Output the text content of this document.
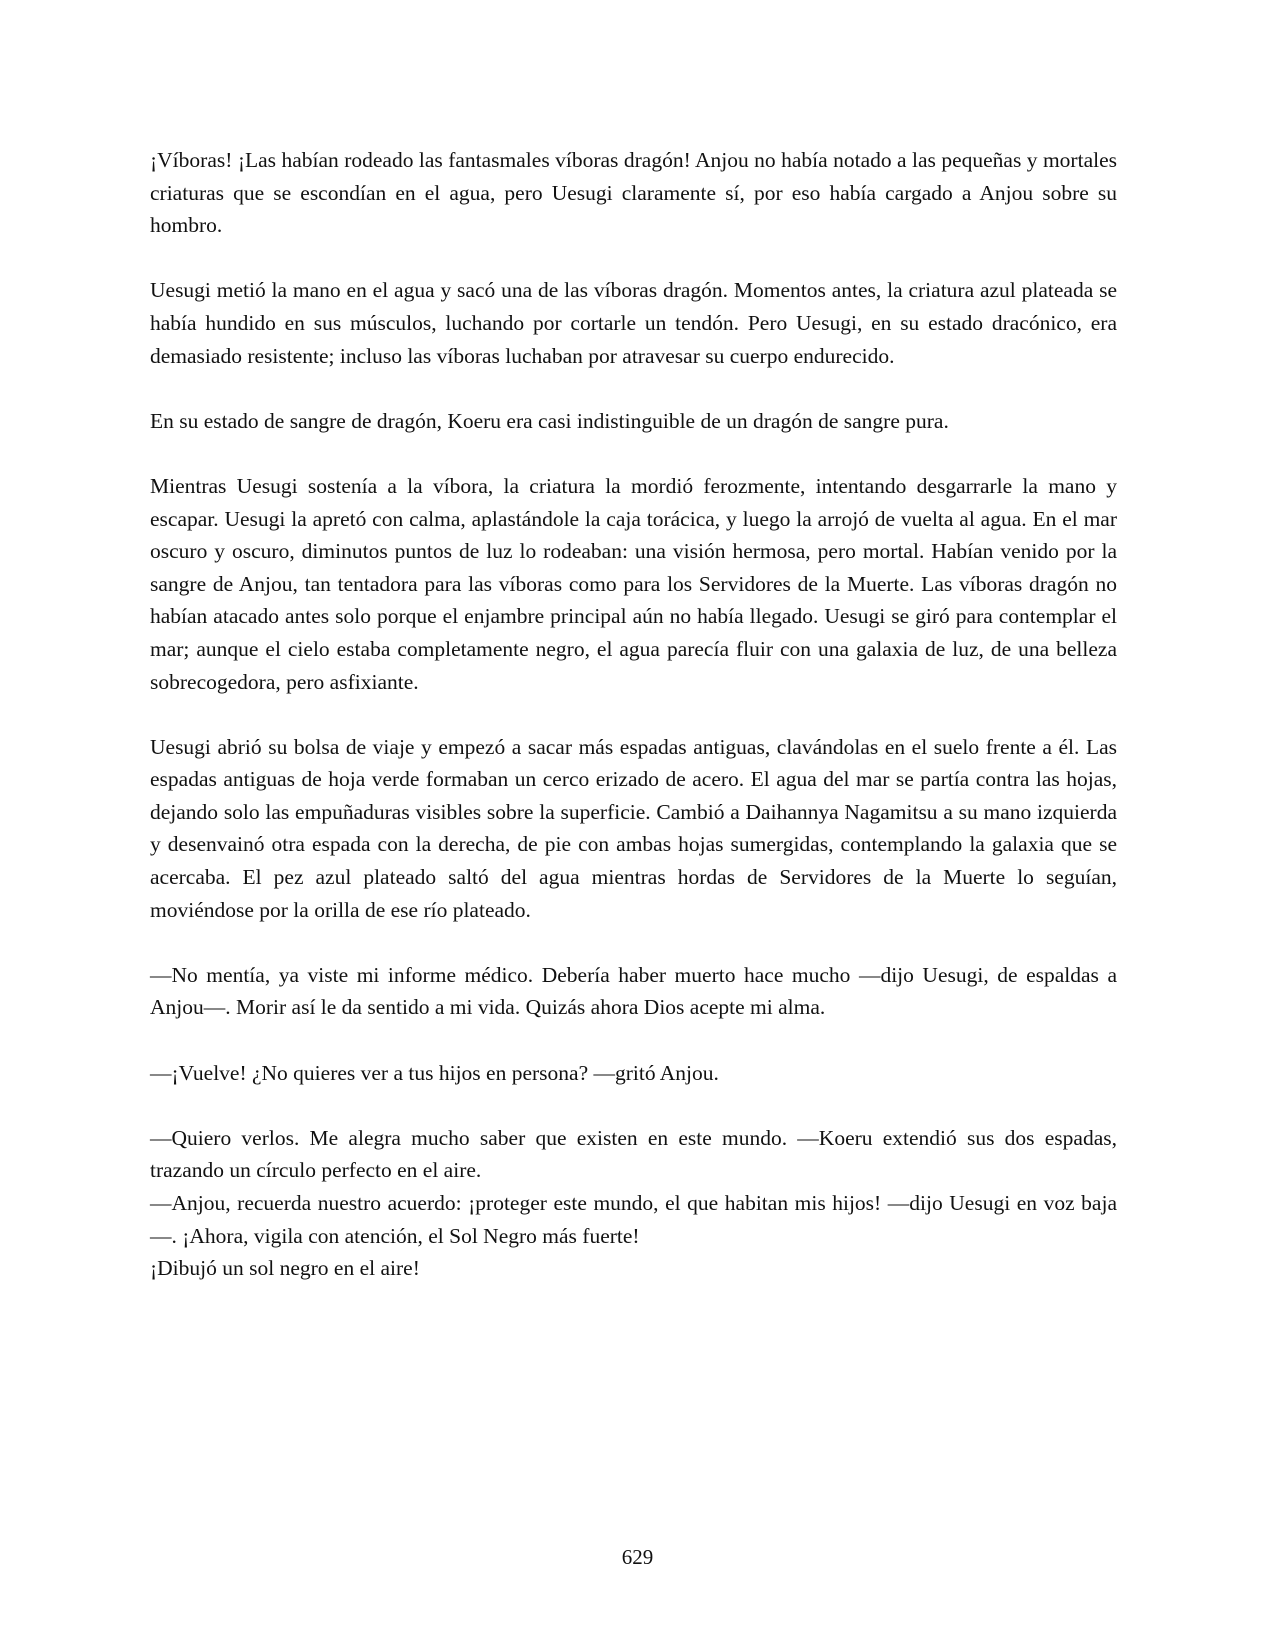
¡Víboras! ¡Las habían rodeado las fantasmales víboras dragón! Anjou no había notado a las pequeñas y mortales criaturas que se escondían en el agua, pero Uesugi claramente sí, por eso había cargado a Anjou sobre su hombro.

Uesugi metió la mano en el agua y sacó una de las víboras dragón. Momentos antes, la criatura azul plateada se había hundido en sus músculos, luchando por cortarle un tendón. Pero Uesugi, en su estado dracónico, era demasiado resistente; incluso las víboras luchaban por atravesar su cuerpo endurecido.

En su estado de sangre de dragón, Koeru era casi indistinguible de un dragón de sangre pura.

Mientras Uesugi sostenía a la víbora, la criatura la mordió ferozmente, intentando desgarrarle la mano y escapar. Uesugi la apretó con calma, aplastándole la caja torácica, y luego la arrojó de vuelta al agua. En el mar oscuro y oscuro, diminutos puntos de luz lo rodeaban: una visión hermosa, pero mortal. Habían venido por la sangre de Anjou, tan tentadora para las víboras como para los Servidores de la Muerte. Las víboras dragón no habían atacado antes solo porque el enjambre principal aún no había llegado. Uesugi se giró para contemplar el mar; aunque el cielo estaba completamente negro, el agua parecía fluir con una galaxia de luz, de una belleza sobrecogedora, pero asfixiante.

Uesugi abrió su bolsa de viaje y empezó a sacar más espadas antiguas, clavándolas en el suelo frente a él. Las espadas antiguas de hoja verde formaban un cerco erizado de acero. El agua del mar se partía contra las hojas, dejando solo las empuñaduras visibles sobre la superficie. Cambió a Daihannya Nagamitsu a su mano izquierda y desenvainó otra espada con la derecha, de pie con ambas hojas sumergidas, contemplando la galaxia que se acercaba. El pez azul plateado saltó del agua mientras hordas de Servidores de la Muerte lo seguían, moviéndose por la orilla de ese río plateado.

—No mentía, ya viste mi informe médico. Debería haber muerto hace mucho —dijo Uesugi, de espaldas a Anjou—. Morir así le da sentido a mi vida. Quizás ahora Dios acepte mi alma.

—¡Vuelve! ¿No quieres ver a tus hijos en persona? —gritó Anjou.

—Quiero verlos. Me alegra mucho saber que existen en este mundo. —Koeru extendió sus dos espadas, trazando un círculo perfecto en el aire.

—Anjou, recuerda nuestro acuerdo: ¡proteger este mundo, el que habitan mis hijos! —dijo Uesugi en voz baja—. ¡Ahora, vigila con atención, el Sol Negro más fuerte!

¡Dibujó un sol negro en el aire!

629
